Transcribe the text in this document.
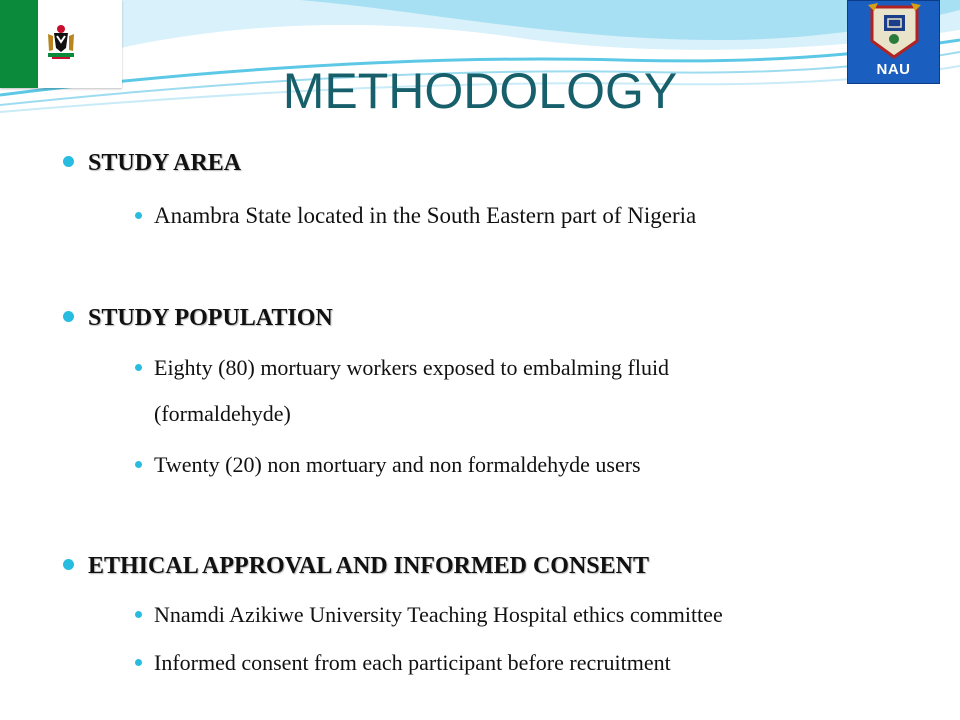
NAU
METHODOLOGY
STUDY AREA
Anambra State located in the South Eastern part of Nigeria
STUDY POPULATION
Eighty (80) mortuary workers exposed to embalming fluid
(formaldehyde)
Twenty (20) non mortuary and non formaldehyde users
ETHICAL APPROVAL AND INFORMED CONSENT
Nnamdi Azikiwe University Teaching Hospital ethics committee
Informed consent from each participant before recruitment
